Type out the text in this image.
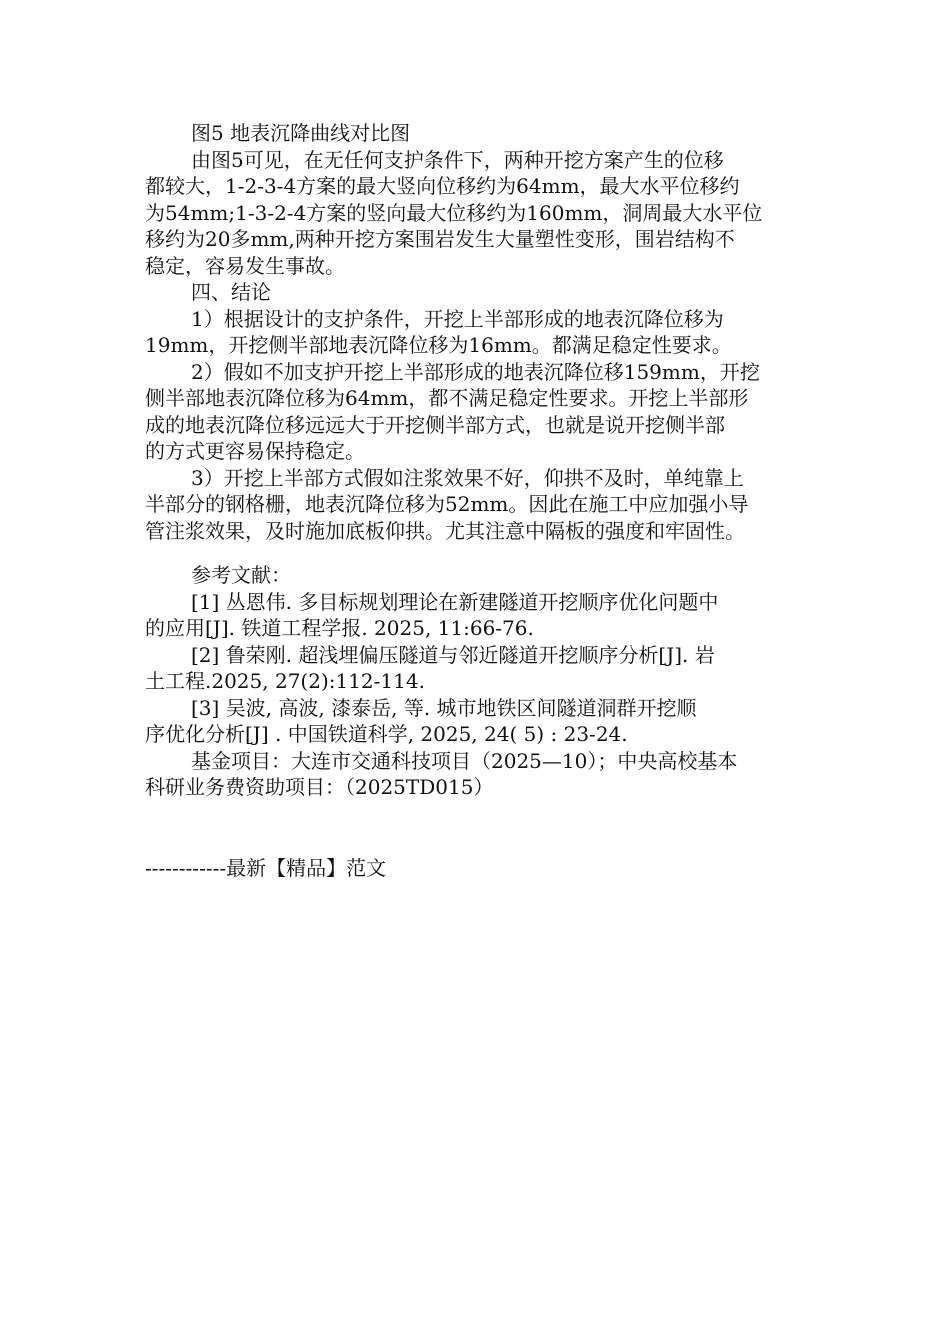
图5 地表沉降曲线对比图
由图5可见，在无任何支护条件下，两种开挖方案产生的位移
都较大，1-2-3-4方案的最大竖向位移约为64mm，最大水平位移约
为54mm;1-3-2-4方案的竖向最大位移约为160mm，洞周最大水平位
移约为20多mm,两种开挖方案围岩发生大量塑性变形，围岩结构不
稳定，容易发生事故。
四、结论
1）根据设计的支护条件，开挖上半部形成的地表沉降位移为
19mm，开挖侧半部地表沉降位移为16mm。都满足稳定性要求。
2）假如不加支护开挖上半部形成的地表沉降位移159mm，开挖
侧半部地表沉降位移为64mm，都不满足稳定性要求。开挖上半部形
成的地表沉降位移远远大于开挖侧半部方式，也就是说开挖侧半部
的方式更容易保持稳定。
3）开挖上半部方式假如注浆效果不好，仰拱不及时，单纯靠上
半部分的钢格栅，地表沉降位移为52mm。因此在施工中应加强小导
管注浆效果，及时施加底板仰拱。尤其注意中隔板的强度和牢固性。
参考文献：
[1] 丛恩伟. 多目标规划理论在新建隧道开挖顺序优化问题中
的应用[J]. 铁道工程学报. 2025, 11:66-76.
[2] 鲁荣刚. 超浅埋偏压隧道与邻近隧道开挖顺序分析[J]. 岩
土工程.2025, 27(2):112-114.
[3] 吴波, 高波, 漆泰岳, 等. 城市地铁区间隧道洞群开挖顺
序优化分析[J] . 中国铁道科学, 2025, 24( 5) : 23-24.
基金项目：大连市交通科技项目（2025—10）；中央高校基本
科研业务费资助项目：（2025TD015）
------------最新【精品】范文
